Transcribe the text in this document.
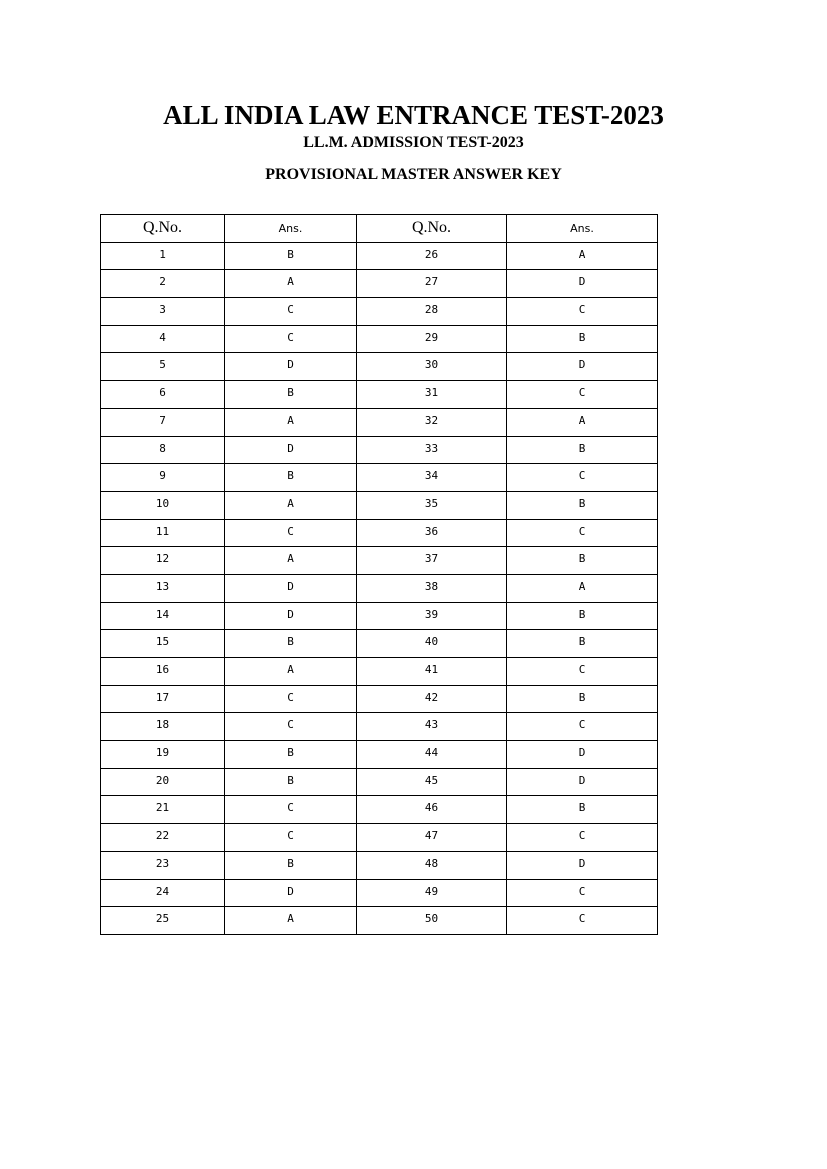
ALL INDIA LAW ENTRANCE TEST-2023
LL.M. ADMISSION TEST-2023
PROVISIONAL MASTER ANSWER KEY
Q.No.	Ans.	Q.No.	Ans.
1	B	26	A
2	A	27	D
3	C	28	C
4	C	29	B
5	D	30	D
6	B	31	C
7	A	32	A
8	D	33	B
9	B	34	C
10	A	35	B
11	C	36	C
12	A	37	B
13	D	38	A
14	D	39	B
15	B	40	B
16	A	41	C
17	C	42	B
18	C	43	C
19	B	44	D
20	B	45	D
21	C	46	B
22	C	47	C
23	B	48	D
24	D	49	C
25	A	50	C
